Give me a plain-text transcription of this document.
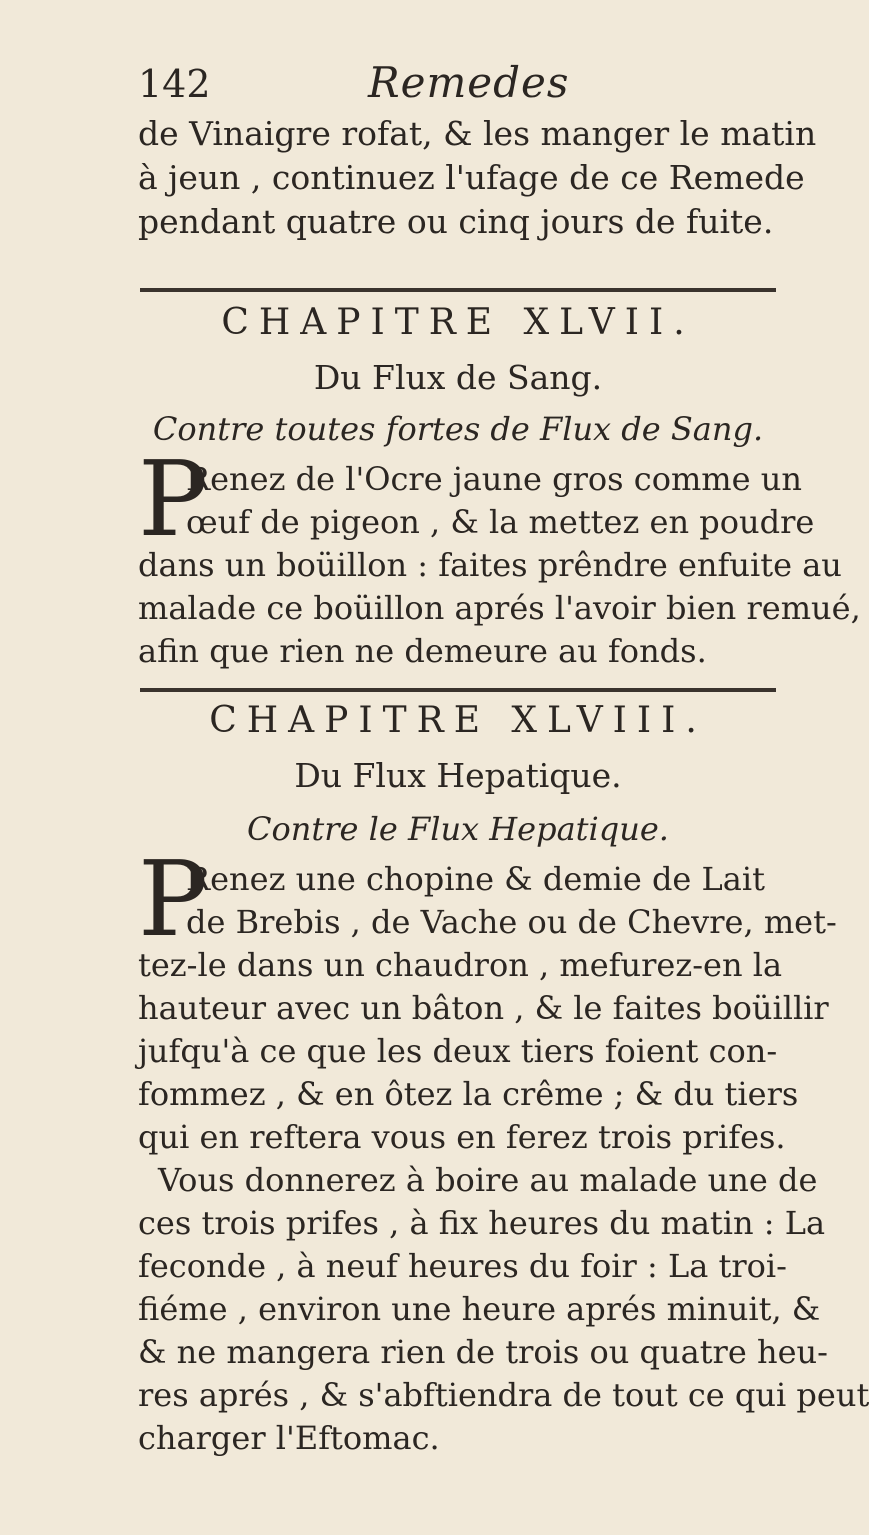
142	Remedes
de Vinaigre rofat, & les manger le matin
à jeun , continuez l'ufage de ce Remede
pendant quatre ou cinq jours de fuite.
CHAPITRE XLVII.
Du Flux de Sang.
Contre toutes fortes de Flux de Sang.
P
Renez de l'Ocre jaune gros comme un
œuf de pigeon , & la mettez en poudre
dans un boüillon : faites prêndre enfuite au
malade ce boüillon aprés l'avoir bien remué,
afin que rien ne demeure au fonds.
CHAPITRE XLVIII.
Du Flux Hepatique.
Contre le Flux Hepatique.
P
Renez une chopine & demie de Lait
de Brebis , de Vache ou de Chevre, met-
tez-le dans un chaudron , mefurez-en la
hauteur avec un bâton , & le faites boüillir
jufqu'à ce que les deux tiers foient con-
fommez , & en ôtez la crême ; & du tiers
qui en reftera vous en ferez trois prifes.
Vous donnerez à boire au malade une de
ces trois prifes , à fix heures du matin : La
feconde , à neuf heures du foir : La troi-
fiéme , environ une heure aprés minuit, &
& ne mangera rien de trois ou quatre heu-
res aprés , & s'abftiendra de tout ce qui peut
charger l'Eftomac.
